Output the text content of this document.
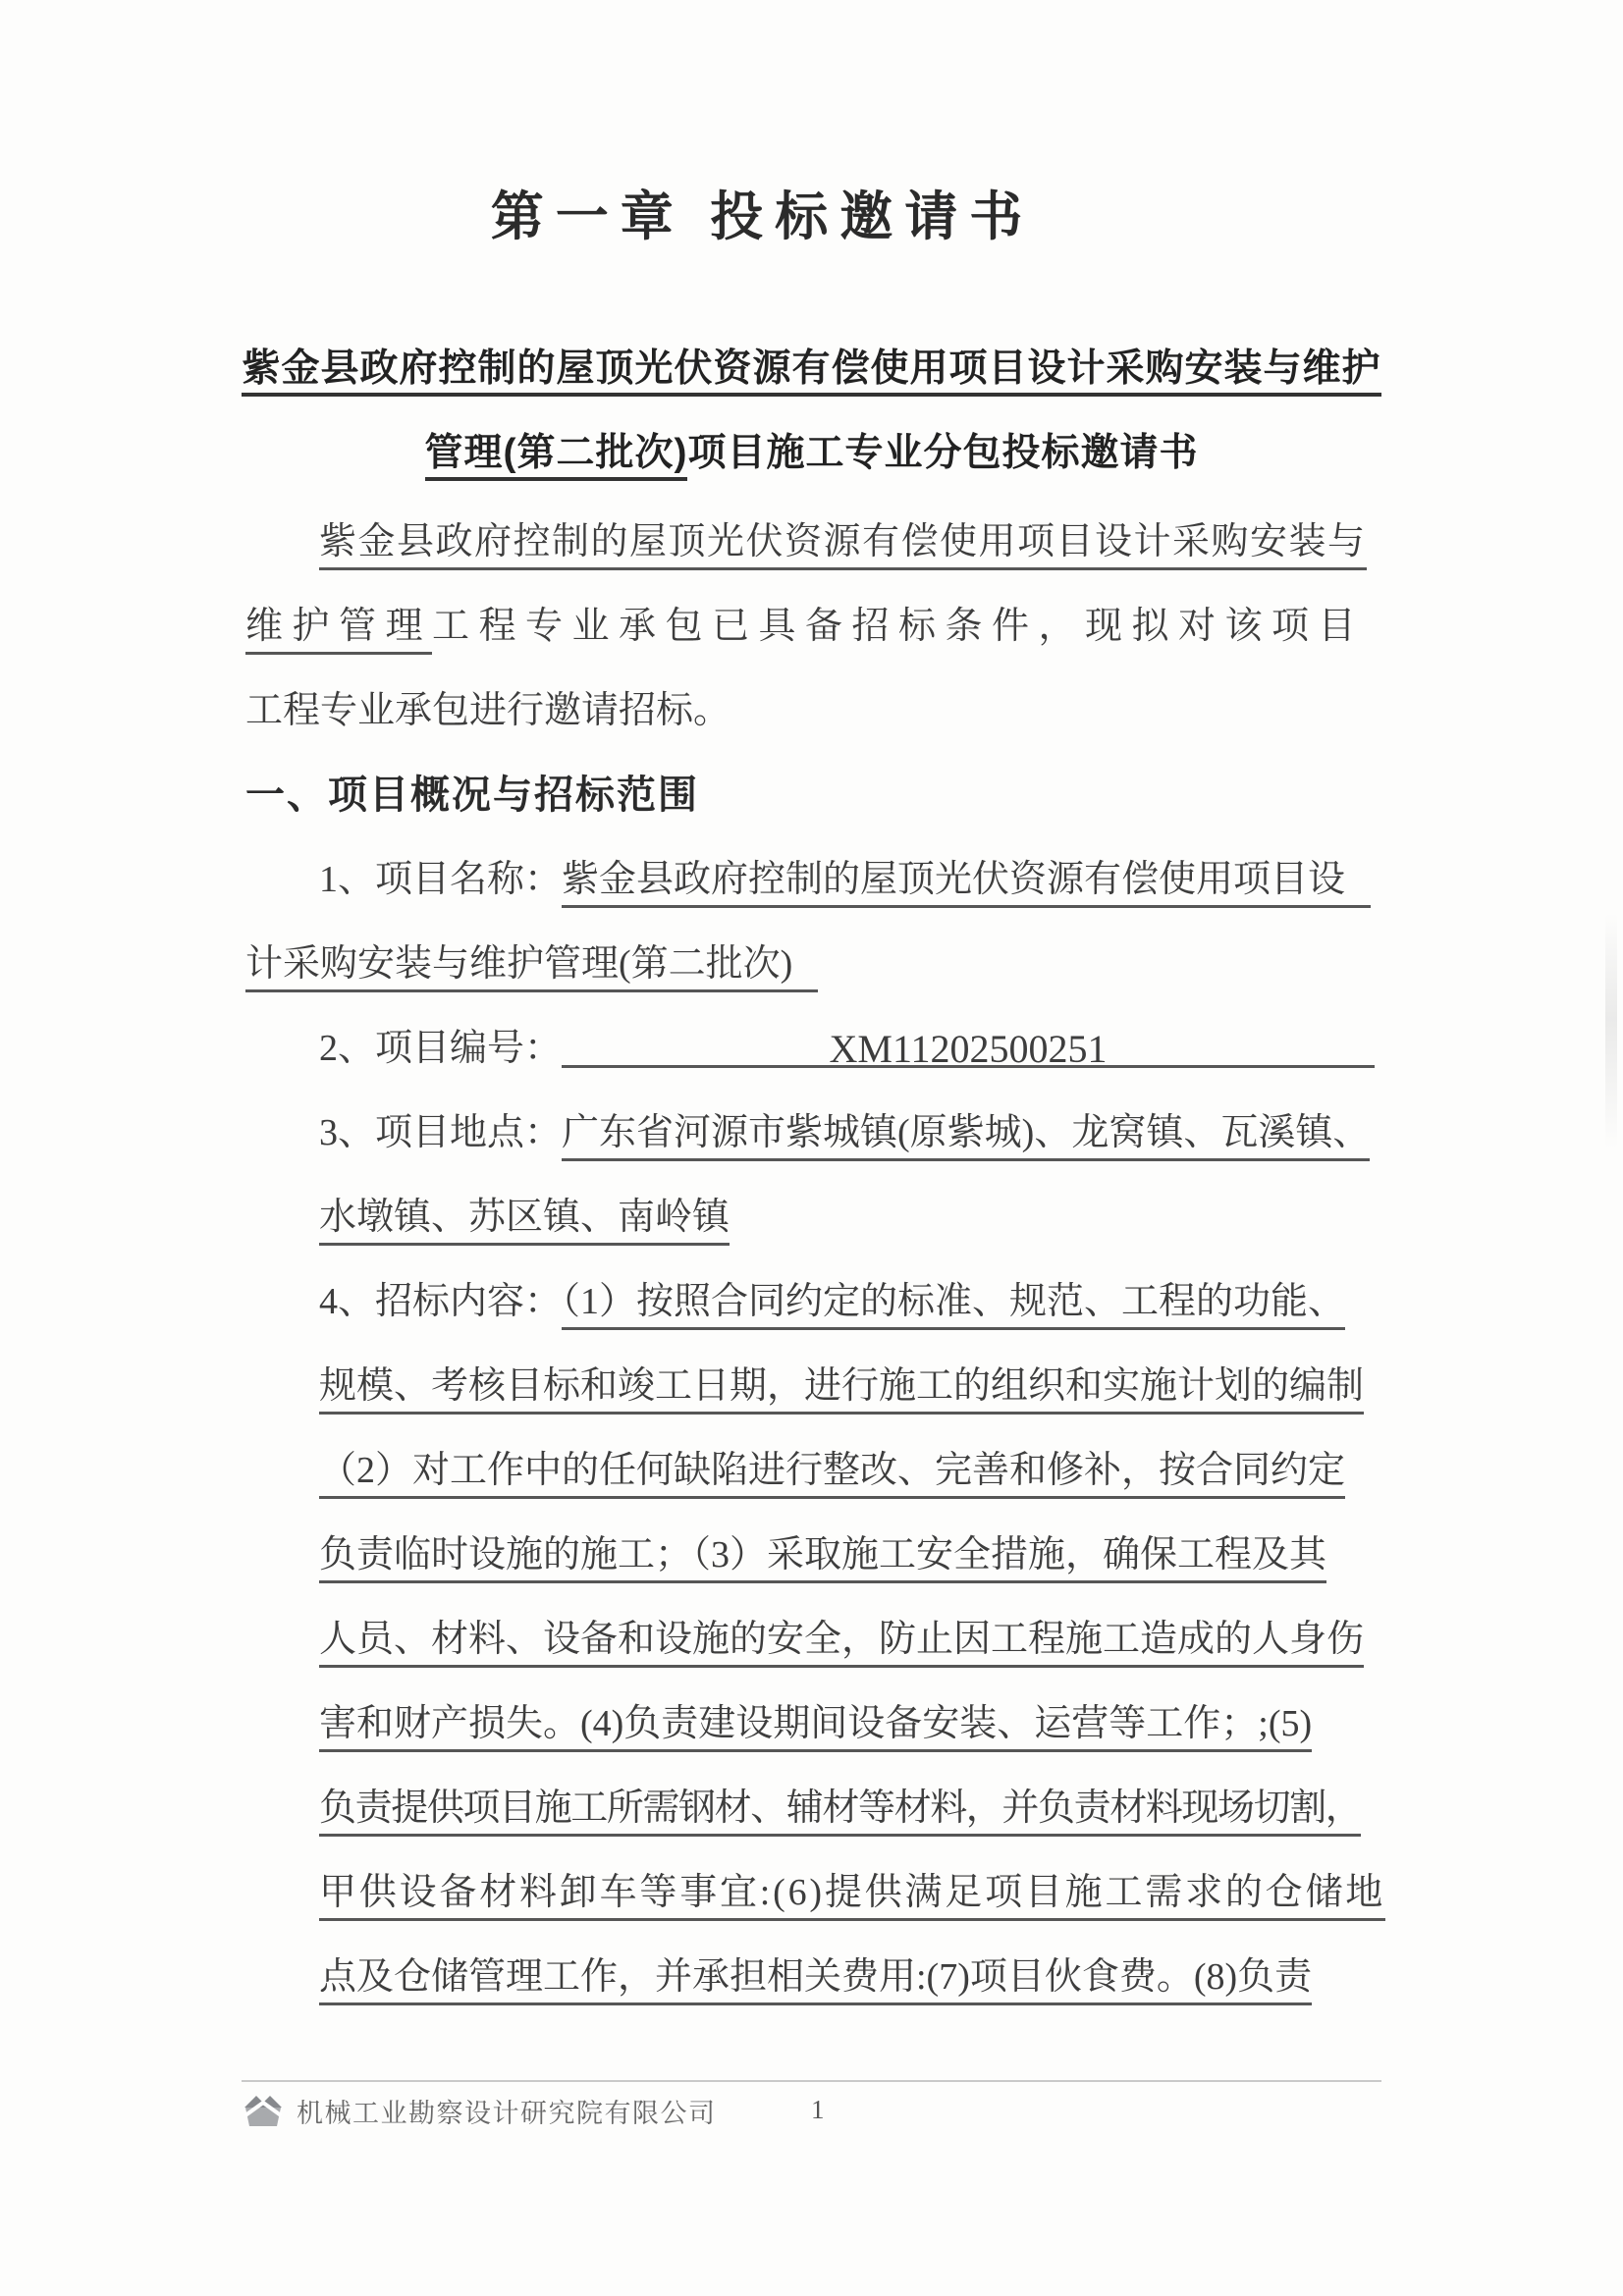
第一章 投标邀请书
紫金县政府控制的屋顶光伏资源有偿使用项目设计采购安装与维护
管理(第二批次)项目施工专业分包投标邀请书
紫金县政府控制的屋顶光伏资源有偿使用项目设计采购安装与
维护管理工程专业承包已具备招标条件，现拟对该项目
工程专业承包进行邀请招标。
一、项目概况与招标范围
1、项目名称：紫金县政府控制的屋顶光伏资源有偿使用项目设
计采购安装与维护管理(第二批次)
2、项目编号：	XM11202500251
3、项目地点：广东省河源市紫城镇(原紫城)、龙窝镇、瓦溪镇、
水墩镇、苏区镇、南岭镇
4、招标内容：（1）按照合同约定的标准、规范、工程的功能、
规模、考核目标和竣工日期，进行施工的组织和实施计划的编制
（2）对工作中的任何缺陷进行整改、完善和修补，按合同约定
负责临时设施的施工；（3）采取施工安全措施，确保工程及其
人员、材料、设备和设施的安全，防止因工程施工造成的人身伤
害和财产损失。(4)负责建设期间设备安装、运营等工作；;(5)
负责提供项目施工所需钢材、辅材等材料，并负责材料现场切割，
甲供设备材料卸车等事宜:(6)提供满足项目施工需求的仓储地
点及仓储管理工作，并承担相关费用:(7)项目伙食费。(8)负责
机械工业勘察设计研究院有限公司	1
